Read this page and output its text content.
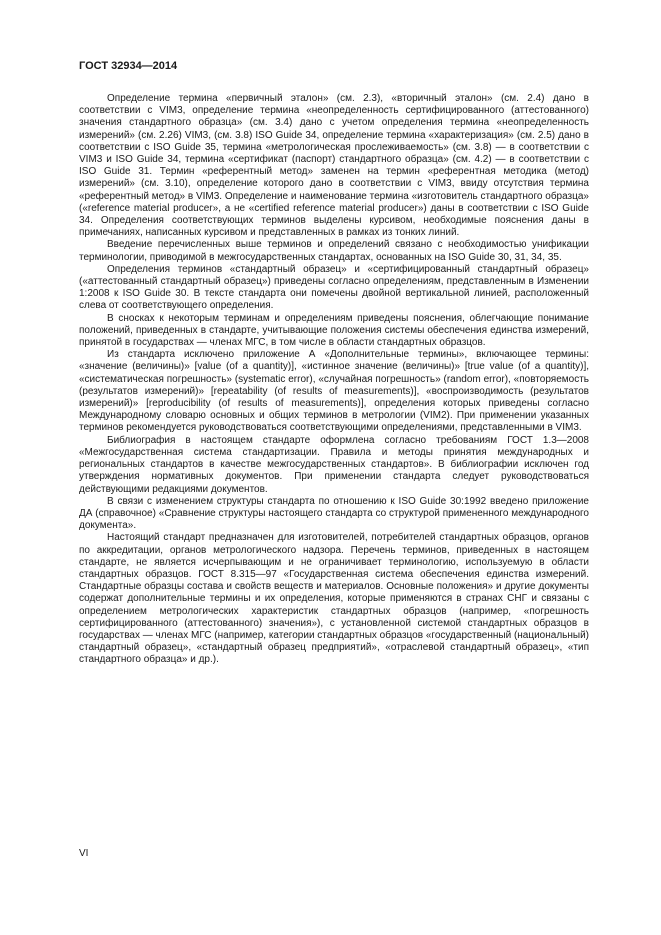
ГОСТ 32934—2014

Определение термина «первичный эталон» (см. 2.3), «вторичный эталон» (см. 2.4) дано в соответствии с VIM3, определение термина «неопределенность сертифицированного (аттестованного) значения стандартного образца» (см. 3.4) дано с учетом определения термина «неопределенность измерений» (см. 2.26) VIM3, (см. 3.8) ISO Guide 34, определение термина «характеризация» (см. 2.5) дано в соответствии с ISO Guide 35, термина «метрологическая прослеживаемость» (см. 3.8) — в соответствии с VIM3 и ISO Guide 34, термина «сертификат (паспорт) стандартного образца» (см. 4.2) — в соответствии с ISO Guide 31. Термин «референтный метод» заменен на термин «референтная методика (метод) измерений» (см. 3.10), определение которого дано в соответствии с VIM3, ввиду отсутствия термина «референтный метод» в VIM3. Определение и наименование термина «изготовитель стандартного образца» («reference material producer», а не «certified reference material producer») даны в соответствии с ISO Guide 34. Определения соответствующих терминов выделены курсивом, необходимые пояснения даны в примечаниях, написанных курсивом и представленных в рамках из тонких линий.

Введение перечисленных выше терминов и определений связано с необходимостью унификации терминологии, приводимой в межгосударственных стандартах, основанных на ISO Guide 30, 31, 34, 35.

Определения терминов «стандартный образец» и «сертифицированный стандартный образец» («аттестованный стандартный образец») приведены согласно определениям, представленным в Изменении 1:2008 к ISO Guide 30. В тексте стандарта они помечены двойной вертикальной линией, расположенный слева от соответствующего определения.

В сносках к некоторым терминам и определениям приведены пояснения, облегчающие понимание положений, приведенных в стандарте, учитывающие положения системы обеспечения единства измерений, принятой в государствах — членах МГС, в том числе в области стандартных образцов.

Из стандарта исключено приложение А «Дополнительные термины», включающее термины: «значение (величины)» [value (of a quantity)], «истинное значение (величины)» [true value (of a quantity)], «систематическая погрешность» (systematic error), «случайная погрешность» (random error), «повторяемость (результатов измерений)» [repeatability (of results of measurements)], «воспроизводимость (результатов измерений)» [reproducibility (of results of measurements)], определения которых приведены согласно Международному словарю основных и общих терминов в метрологии (VIM2). При применении указанных терминов рекомендуется руководствоваться соответствующими определениями, представленными в VIM3.

Библиография в настоящем стандарте оформлена согласно требованиям ГОСТ 1.3—2008 «Межгосударственная система стандартизации. Правила и методы принятия международных и региональных стандартов в качестве межгосударственных стандартов». В библиографии исключен год утверждения нормативных документов. При применении стандарта следует руководствоваться действующими редакциями документов.

В связи с изменением структуры стандарта по отношению к ISO Guide 30:1992 введено приложение ДА (справочное) «Сравнение структуры настоящего стандарта со структурой примененного международного документа».

Настоящий стандарт предназначен для изготовителей, потребителей стандартных образцов, органов по аккредитации, органов метрологического надзора. Перечень терминов, приведенных в настоящем стандарте, не является исчерпывающим и не ограничивает терминологию, используемую в области стандартных образцов. ГОСТ 8.315—97 «Государственная система обеспечения единства измерений. Стандартные образцы состава и свойств веществ и материалов. Основные положения» и другие документы содержат дополнительные термины и их определения, которые применяются в странах СНГ и связаны с определением метрологических характеристик стандартных образцов (например, «погрешность сертифицированного (аттестованного) значения»), с установленной системой стандартных образцов в государствах — членах МГС (например, категории стандартных образцов «государственный (национальный) стандартный образец», «стандартный образец предприятий», «отраслевой стандартный образец», «тип стандартного образца» и др.).

VI
